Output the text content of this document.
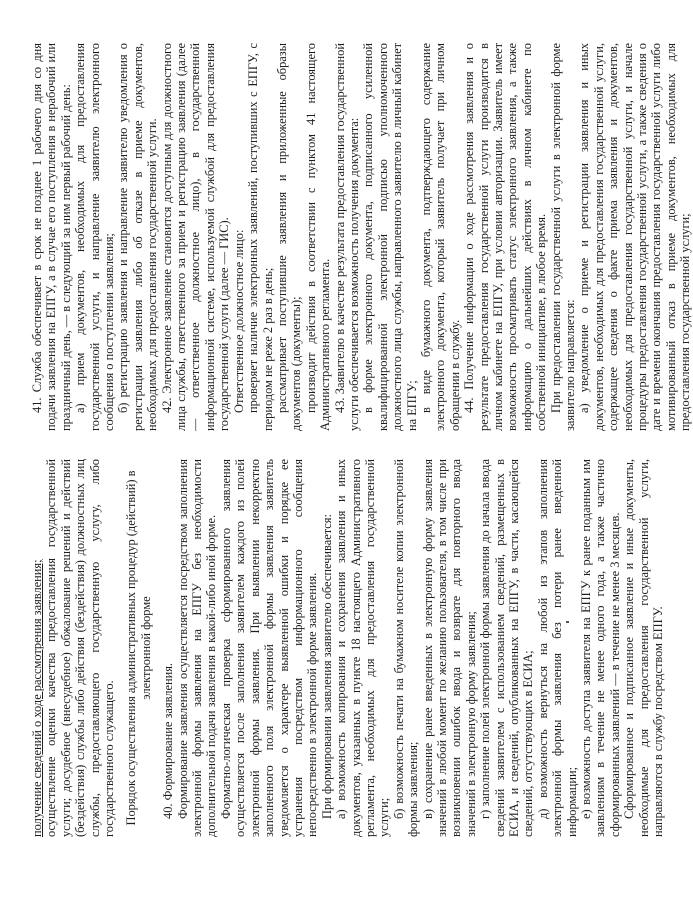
получение сведений о ходе рассмотрения заявления; осуществление оценки качества предоставления государственной услуги; досудебное (внесудебное) обжалование решений и действий (бездействия) службы либо действия (бездействия) должностных лиц службы, предоставляющего государственную услугу, либо государственного служащего. Порядок осуществления административных процедур (действий) в электронной форме

40. Формирование заявления. Формирование заявления осуществляется посредством заполнения электронной формы заявления на ЕПГУ без необходимости дополнительной подачи заявления в какой-либо иной форме. Форматно-логическая проверка сформированного заявления осуществляется после заполнения заявителем каждого из полей электронной формы заявления. При выявлении некорректно заполненного поля электронной формы заявления заявитель уведомляется о характере выявленной ошибки и порядке ее устранения посредством информационного сообщения непосредственно в электронной форме заявления. При формировании заявления заявителю обеспечивается: а) возможность копирования и сохранения заявления и иных документов, указанных в пункте 18 настоящего Административного регламента, необходимых для предоставления государственной услуги; б) возможность печати на бумажном носителе копии электронной формы заявления; в) сохранение ранее введенных в электронную форму заявления значений в любой момент по желанию пользователя, в том числе при возникновении ошибок ввода и возврате для повторного ввода значений в электронную форму заявления; г) заполнение полей электронной формы заявления до начала ввода сведений заявителем с использованием сведений, размещенных в ЕСИА, и сведений, опубликованных на ЕПГУ, в части, касающейся сведений, отсутствующих в ЕСИА; д) возможность вернуться на любой из этапов заполнения электронной формы заявления без потери ранее введенной информации; е) возможность доступа заявителя на ЕПГУ к ранее поданным им заявлениям в течение не менее одного года, а также частично сформированных заявлений — в течение не менее 3 месяцев. Сформированное и подписанное заявление и иные документы, необходимые для предоставления государственной услуги, направляются в службу посредством ЕПГУ.

41. Служба обеспечивает в срок не позднее 1 рабочего дня со дня подачи заявления на ЕПГУ, а в случае его поступления в нерабочий или праздничный день, — в следующий за ним первый рабочий день: а) прием документов, необходимых для предоставления государственной услуги, и направление заявителю электронного сообщения о поступлении заявления; б) регистрацию заявления и направление заявителю уведомления о регистрации заявления либо об отказе в приеме документов, необходимых для предоставления государственной услуги. 42. Электронное заявление становится доступным для должностного лица службы, ответственного за прием и регистрацию заявления (далее — ответственное должностное лицо), в государственной информационной системе, используемой службой для предоставления государственной услуги (далее — ГИС). Ответственное должностное лицо: проверяет наличие электронных заявлений, поступивших с ЕПГУ, с периодом не реже 2 раз в день; рассматривает поступившие заявления и приложенные образы документов (документы); производит действия в соответствии с пунктом 41 настоящего Административного регламента. 43. Заявителю в качестве результата предоставления государственной услуги обеспечивается возможность получения документа: в форме электронного документа, подписанного усиленной квалифицированной электронной подписью уполномоченного должностного лица службы, направленного заявителю в личный кабинет на ЕПГУ; в виде бумажного документа, подтверждающего содержание электронного документа, который заявитель получает при личном обращении в службу. 44. Получение информации о ходе рассмотрения заявления и о результате предоставления государственной услуги производится в личном кабинете на ЕПГУ, при условии авторизации. Заявитель имеет возможность просматривать статус электронного заявления, а также информацию о дальнейших действиях в личном кабинете по собственной инициативе, в любое время. При предоставлении государственной услуги в электронной форме заявителю направляется: а) уведомление о приеме и регистрации заявления и иных документов, необходимых для предоставления государственной услуги, содержащее сведения о факте приема заявления и документов, необходимых для предоставления государственной услуги, и начале процедуры предоставления государственной услуги, а также сведения о дате и времени окончания предоставления государственной услуги либо мотивированный отказ в приеме документов, необходимых для предоставления государственной услуги;
